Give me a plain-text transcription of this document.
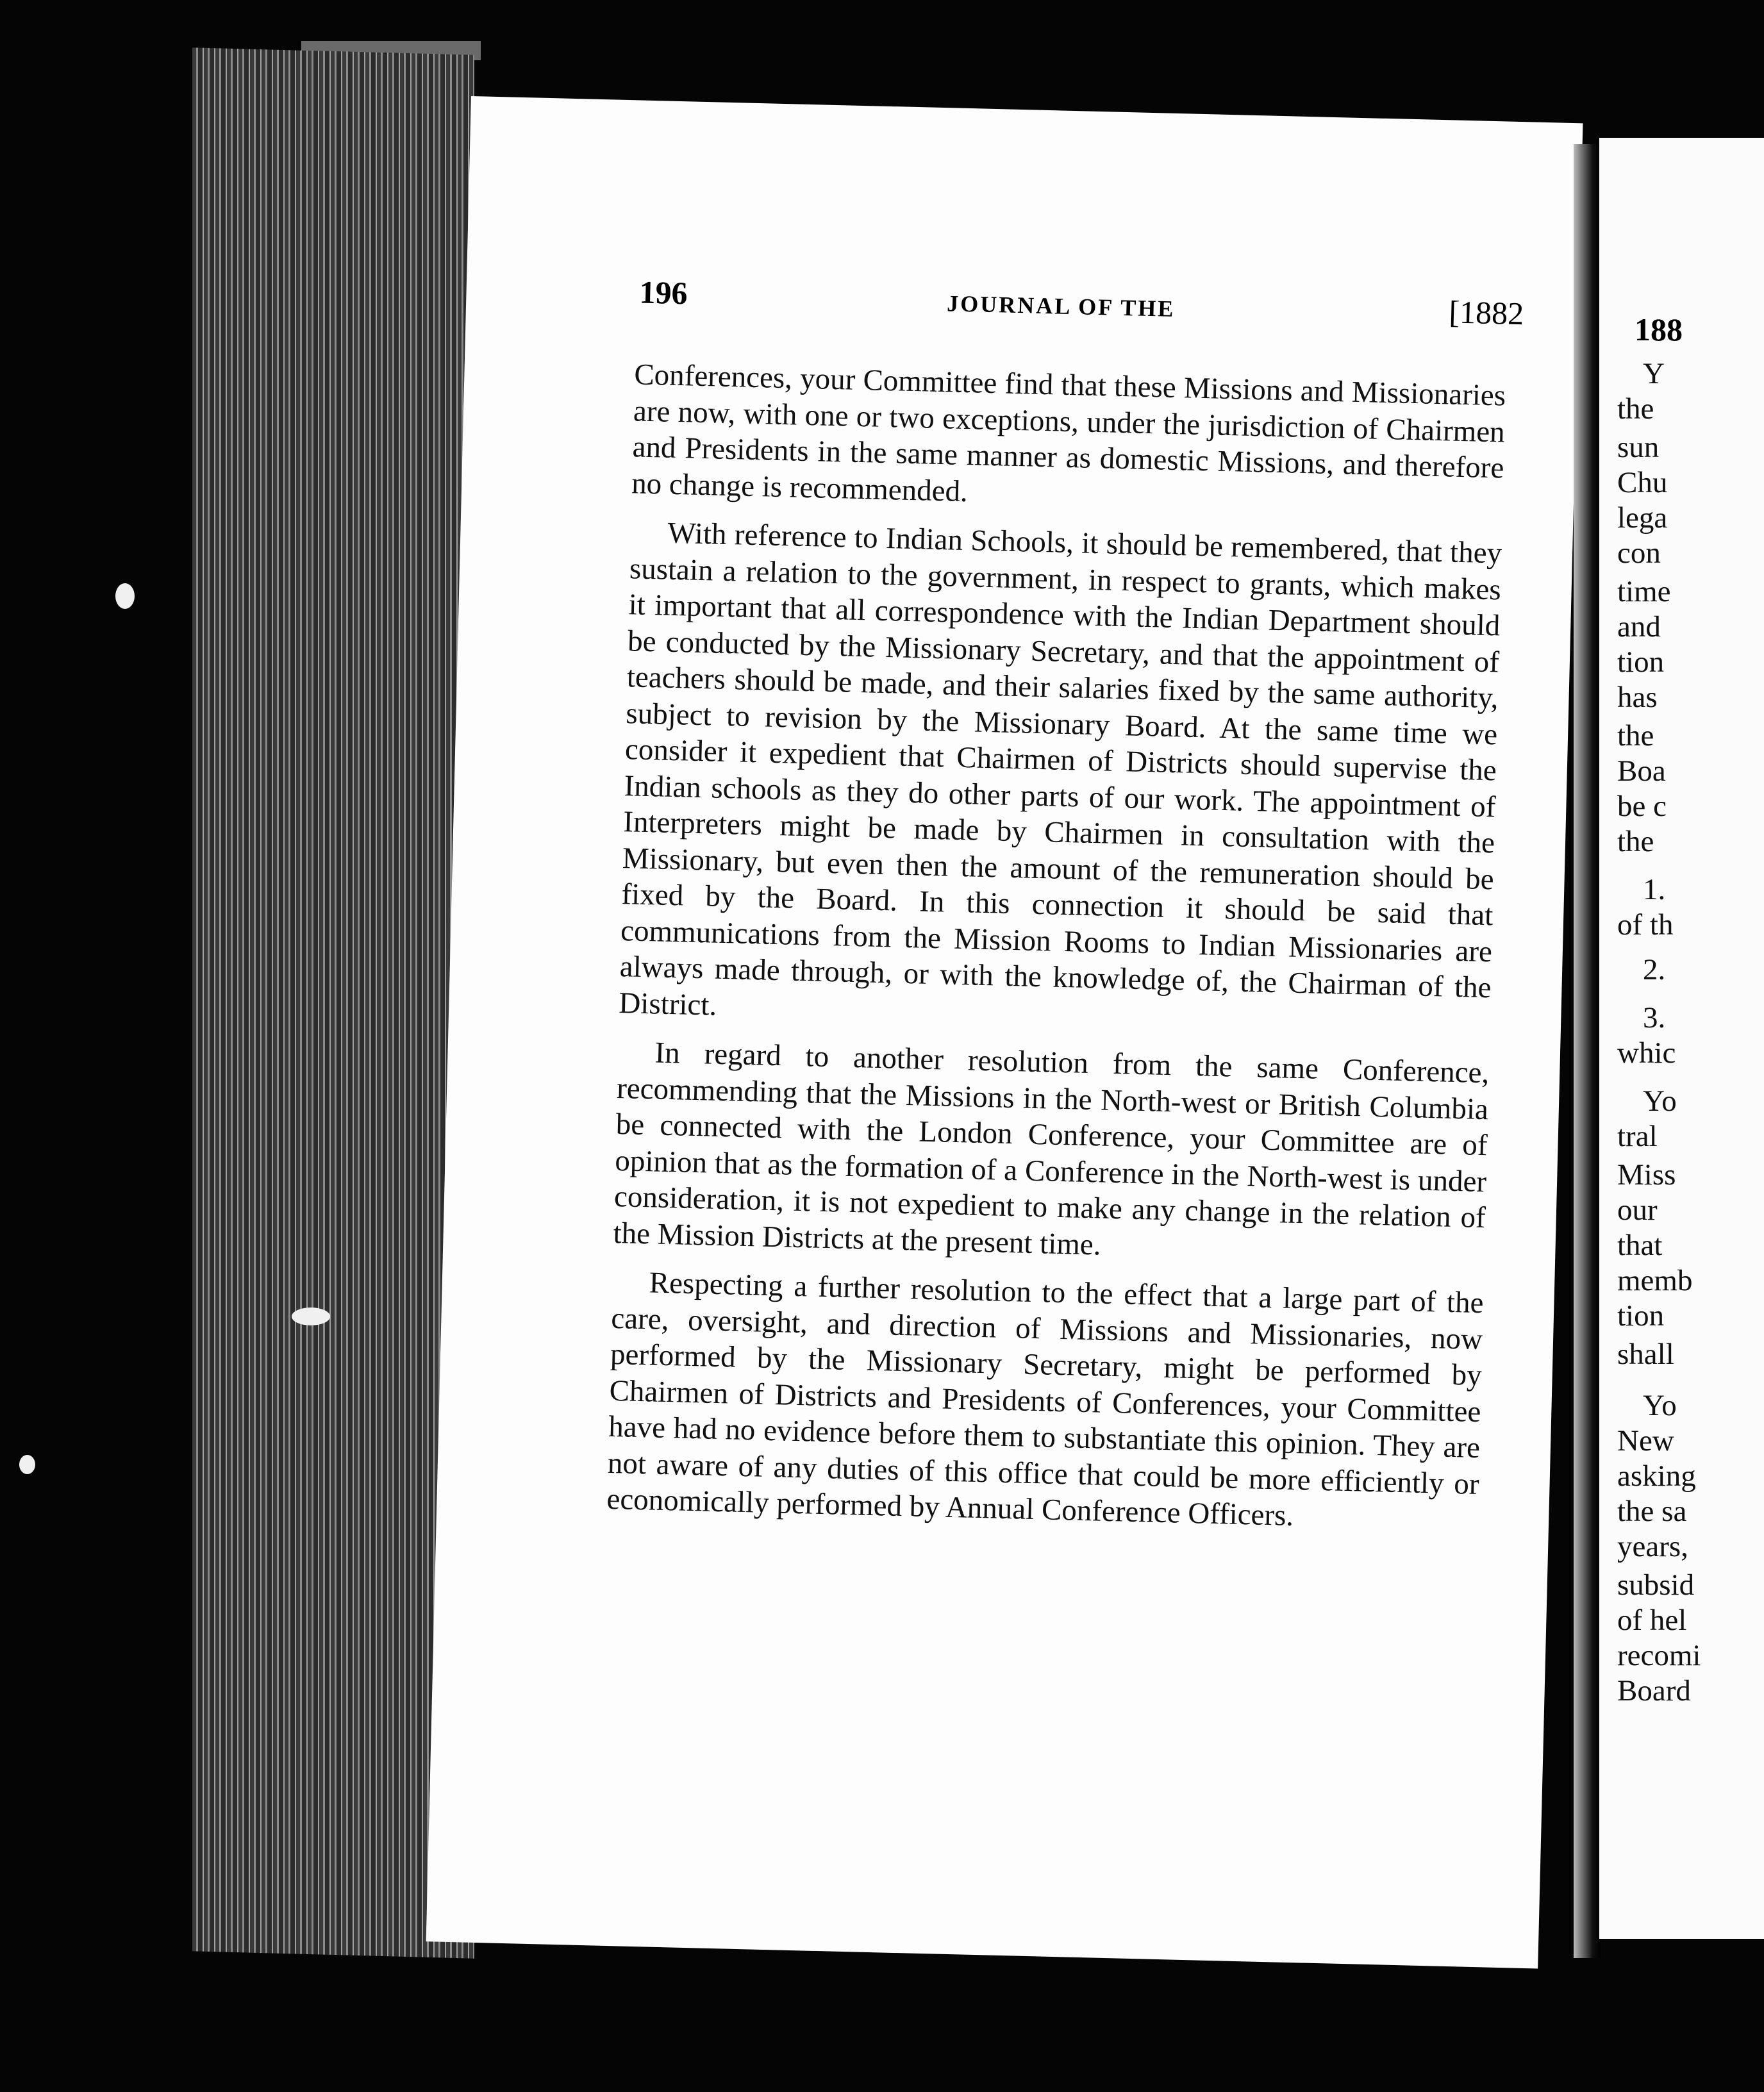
196	JOURNAL OF THE	[1882

Conferences, your Committee find that these Missions and Missionaries are now, with one or two exceptions, under the jurisdiction of Chairmen and Presidents in the same manner as domestic Missions, and therefore no change is recommended.

With reference to Indian Schools, it should be remembered, that they sustain a relation to the government, in respect to grants, which makes it important that all correspondence with the Indian Department should be conducted by the Missionary Secretary, and that the appointment of teachers should be made, and their salaries fixed by the same authority, subject to revision by the Missionary Board. At the same time we consider it expedient that Chairmen of Districts should supervise the Indian schools as they do other parts of our work. The appointment of Interpreters might be made by Chairmen in consultation with the Missionary, but even then the amount of the remuneration should be fixed by the Board. In this connection it should be said that communications from the Mission Rooms to Indian Missionaries are always made through, or with the knowledge of, the Chairman of the District.

In regard to another resolution from the same Conference, recommending that the Missions in the North-west or British Columbia be connected with the London Conference, your Committee are of opinion that as the formation of a Conference in the North-west is under consideration, it is not expedient to make any change in the relation of the Mission Districts at the present time.

Respecting a further resolution to the effect that a large part of the care, oversight, and direction of Missions and Missionaries, now performed by the Missionary Secretary, might be performed by Chairmen of Districts and Presidents of Conferences, your Committee have had no evidence before them to substantiate this opinion. They are not aware of any duties of this office that could be more efficiently or economically performed by Annual Conference Officers.

188
Y
the
sun
Chu
lega
con
time
and
tion
has
the
Boa
be c
the
1.
of th
2.
3.
whic
Yo
tral
Miss
our
that
memb
tion
shall
Yo
New
asking
the sa
years,
subsid
of hel
recomi
Board
